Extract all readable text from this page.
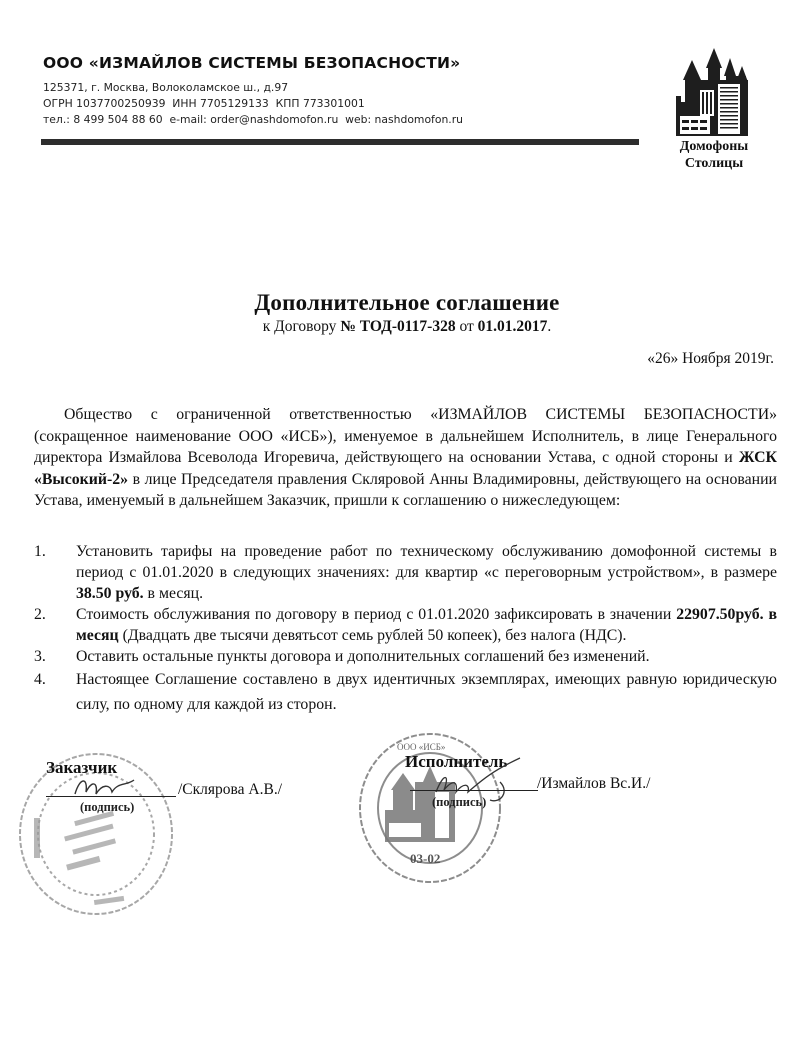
ООО «ИЗМАЙЛОВ СИСТЕМЫ БЕЗОПАСНОСТИ»
125371, г. Москва, Волоколамское ш., д.97
ОГРН 1037700250939  ИНН 7705129133  КПП 773301001
тел.: 8 499 504 88 60  e-mail: order@nashdomofon.ru  web: nashdomofon.ru
Домофоны
Столицы
Дополнительное соглашение
к Договору № ТОД-0117-328 от 01.01.2017.
«26» Ноября 2019г.
Общество с ограниченной ответственностью «ИЗМАЙЛОВ СИСТЕМЫ БЕЗОПАСНОСТИ» (сокращенное наименование ООО «ИСБ»), именуемое в дальнейшем Исполнитель, в лице Генерального директора Измайлова Всеволода Игоревича, действующего на основании Устава, с одной стороны и ЖСК «Высокий-2» в лице Председателя правления Скляровой Анны Владимировны, действующего на основании Устава, именуемый в дальнейшем Заказчик, пришли к соглашению о нижеследующем:
1. Установить тарифы на проведение работ по техническому обслуживанию домофонной системы в период с 01.01.2020 в следующих значениях: для квартир «с переговорным устройством», в размере 38.50 руб. в месяц.
2. Стоимость обслуживания по договору в период с 01.01.2020 зафиксировать в значении 22907.50руб. в месяц (Двадцать две тысячи девятьсот семь рублей 50 копеек), без налога (НДС).
3. Оставить остальные пункты договора и дополнительных соглашений без изменений.
4. Настоящее Соглашение составлено в двух идентичных экземплярах, имеющих равную юридическую силу, по одному для каждой из сторон.
Заказчик
(подпись)
/Склярова А.В./
ООО «ИСБ»
03-02
Исполнитель
(подпись)
/Измайлов Вс.И./
